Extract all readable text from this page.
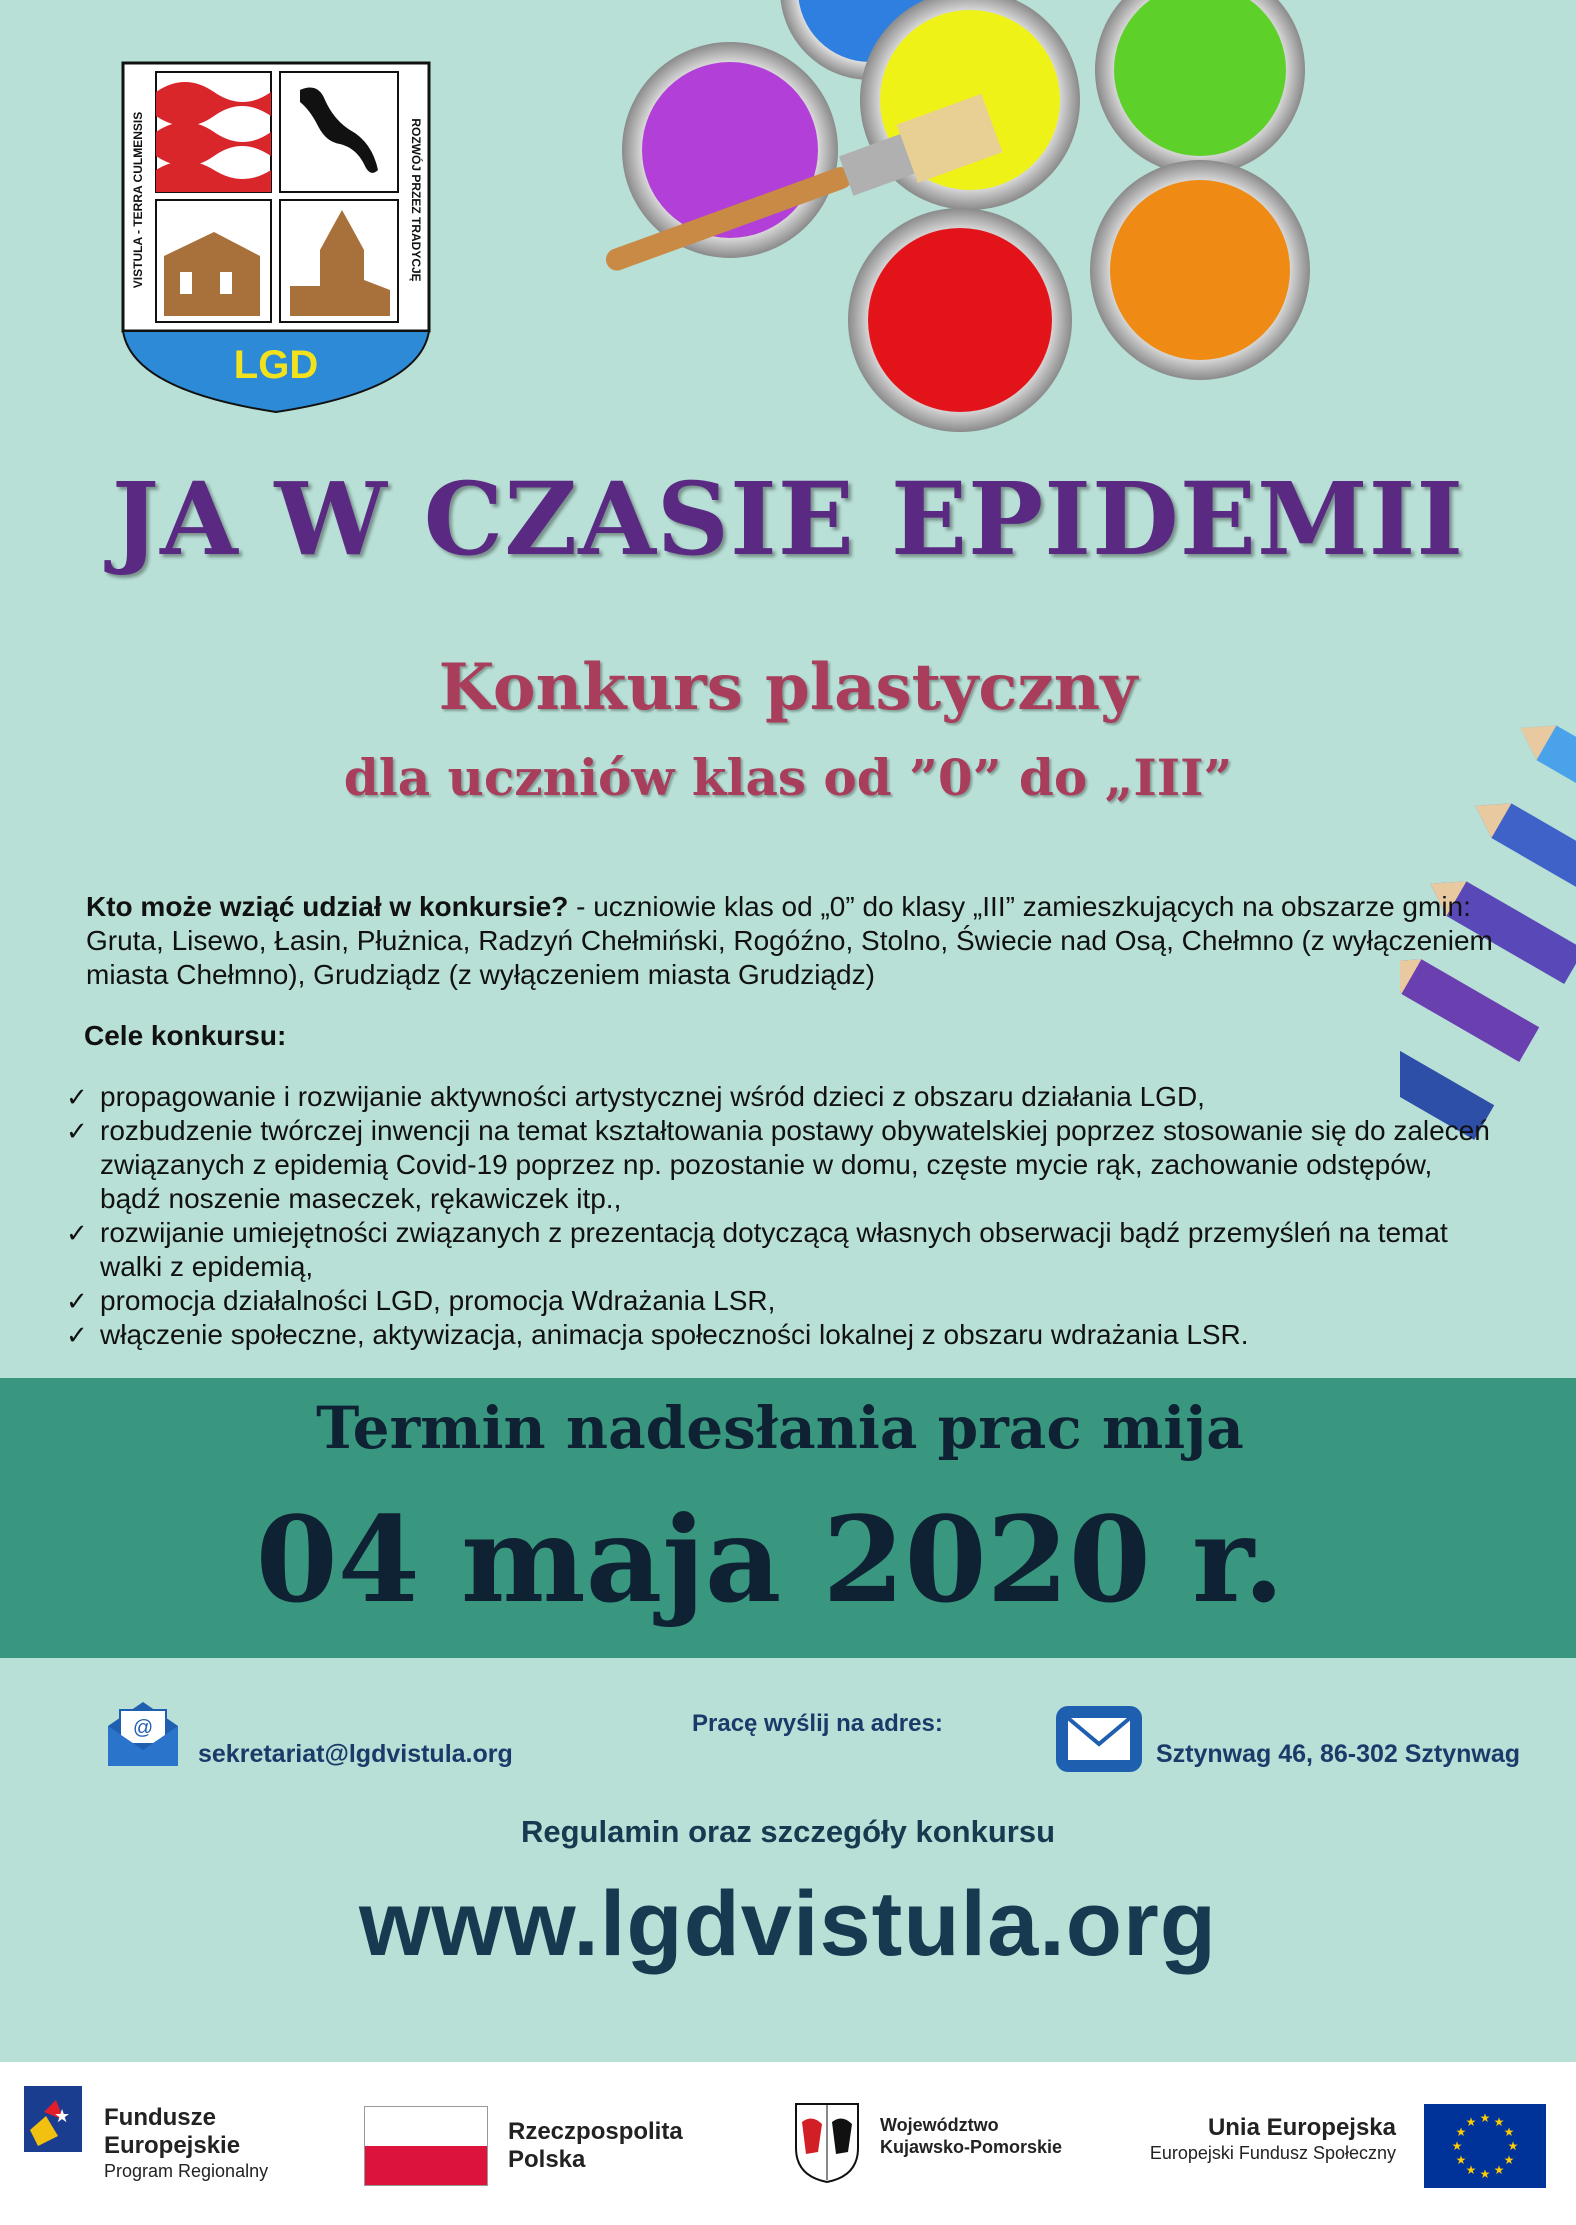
VISTULA - TERRA CULMENSIS	ROZWÓJ PRZEZ TRADYCJĘ
LGD
JA W CZASIE EPIDEMII
Konkurs plastyczny
dla uczniów klas od ”0” do „III”
Kto może wziąć udział w konkursie? - uczniowie klas od „0” do klasy „III” zamieszkujących na obszarze gmin: Gruta, Lisewo, Łasin, Płużnica, Radzyń Chełmiński, Rogóźno, Stolno, Świecie nad Osą, Chełmno (z wyłączeniem miasta Chełmno), Grudziądz (z wyłączeniem miasta Grudziądz)
Cele konkursu:
✓ propagowanie i rozwijanie aktywności artystycznej wśród dzieci z obszaru działania LGD,
✓ rozbudzenie twórczej inwencji na temat kształtowania postawy obywatelskiej poprzez stosowanie się do zaleceń związanych z epidemią Covid-19 poprzez np. pozostanie w domu, częste mycie rąk, zachowanie odstępów, bądź noszenie maseczek, rękawiczek itp.,
✓ rozwijanie umiejętności związanych z prezentacją dotyczącą własnych obserwacji bądź przemyśleń na temat walki z epidemią,
✓ promocja działalności LGD, promocja Wdrażania LSR,
✓ włączenie społeczne, aktywizacja, animacja społeczności lokalnej z obszaru wdrażania LSR.
Termin nadesłania prac mija
04 maja 2020 r.
Pracę wyślij na adres:
@
sekretariat@lgdvistula.org	Sztynwag 46, 86-302 Sztynwag
Regulamin oraz szczegóły konkursu
www.lgdvistula.org
★ Fundusze
Europejskie
Program Regionalny
Rzeczpospolita
Polska
Województwo
Kujawsko-Pomorskie
Unia Europejska
Europejski Fundusz Społeczny
★ ★
★
★
★
★
★
★
★
★
★
★
